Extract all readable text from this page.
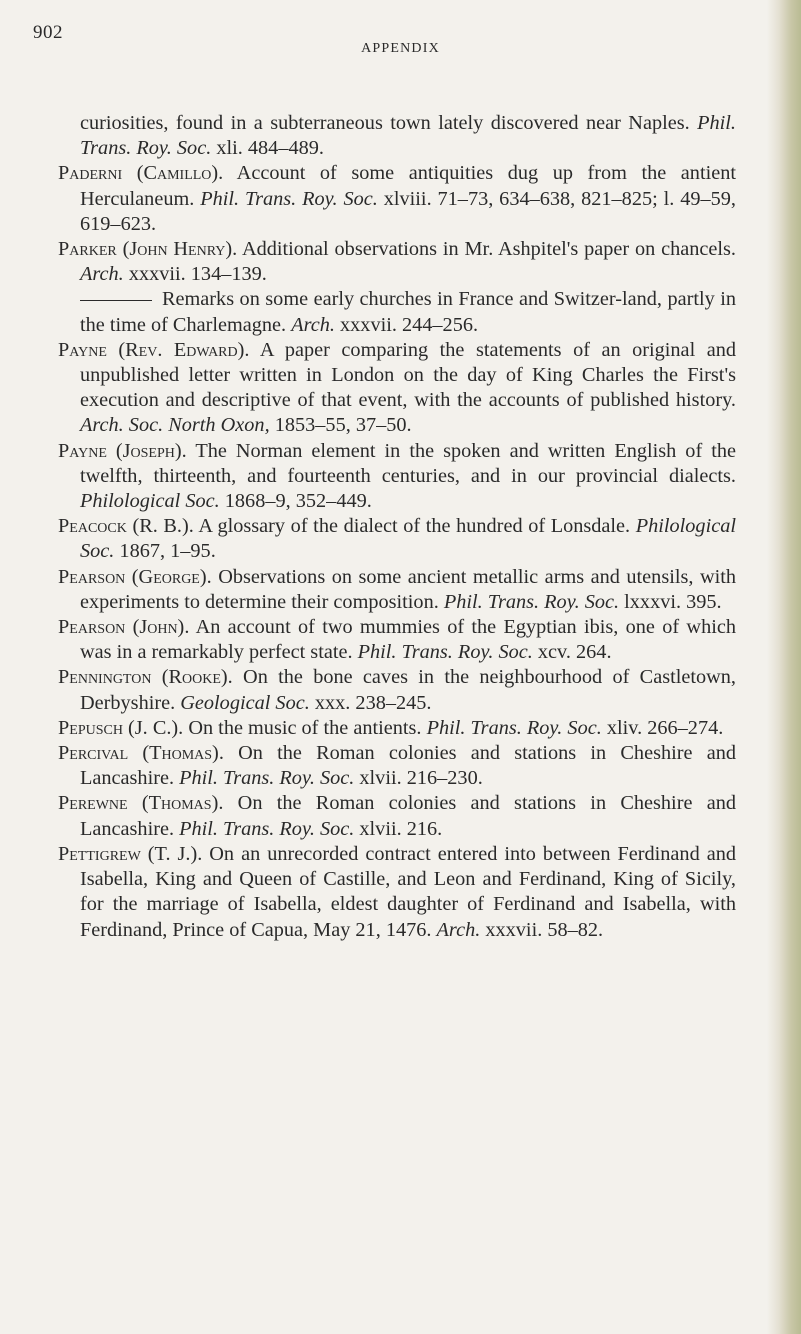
902
APPENDIX

curiosities, found in a subterraneous town lately discovered near Naples. Phil. Trans. Roy. Soc. xli. 484–489.

Paderni (Camillo). Account of some antiquities dug up from the antient Herculaneum. Phil. Trans. Roy. Soc. xlviii. 71–73, 634–638, 821–825; l. 49–59, 619–623.

Parker (John Henry). Additional observations in Mr. Ashpitel's paper on chancels. Arch. xxxvii. 134–139.

Remarks on some early churches in France and Switzer-land, partly in the time of Charlemagne. Arch. xxxvii. 244–256.

Payne (Rev. Edward). A paper comparing the statements of an original and unpublished letter written in London on the day of King Charles the First's execution and descriptive of that event, with the accounts of published history. Arch. Soc. North Oxon, 1853–55, 37–50.

Payne (Joseph). The Norman element in the spoken and written English of the twelfth, thirteenth, and fourteenth centuries, and in our provincial dialects. Philological Soc. 1868–9, 352–449.

Peacock (R. B.). A glossary of the dialect of the hundred of Lonsdale. Philological Soc. 1867, 1–95.

Pearson (George). Observations on some ancient metallic arms and utensils, with experiments to determine their composition. Phil. Trans. Roy. Soc. lxxxvi. 395.

Pearson (John). An account of two mummies of the Egyptian ibis, one of which was in a remarkably perfect state. Phil. Trans. Roy. Soc. xcv. 264.

Pennington (Rooke). On the bone caves in the neighbourhood of Castletown, Derbyshire. Geological Soc. xxx. 238–245.

Pepusch (J. C.). On the music of the antients. Phil. Trans. Roy. Soc. xliv. 266–274.

Percival (Thomas). On the Roman colonies and stations in Cheshire and Lancashire. Phil. Trans. Roy. Soc. xlvii. 216–230.

Perewne (Thomas). On the Roman colonies and stations in Cheshire and Lancashire. Phil. Trans. Roy. Soc. xlvii. 216.

Pettigrew (T. J.). On an unrecorded contract entered into between Ferdinand and Isabella, King and Queen of Castille, and Leon and Ferdinand, King of Sicily, for the marriage of Isabella, eldest daughter of Ferdinand and Isabella, with Ferdinand, Prince of Capua, May 21, 1476. Arch. xxxvii. 58–82.
